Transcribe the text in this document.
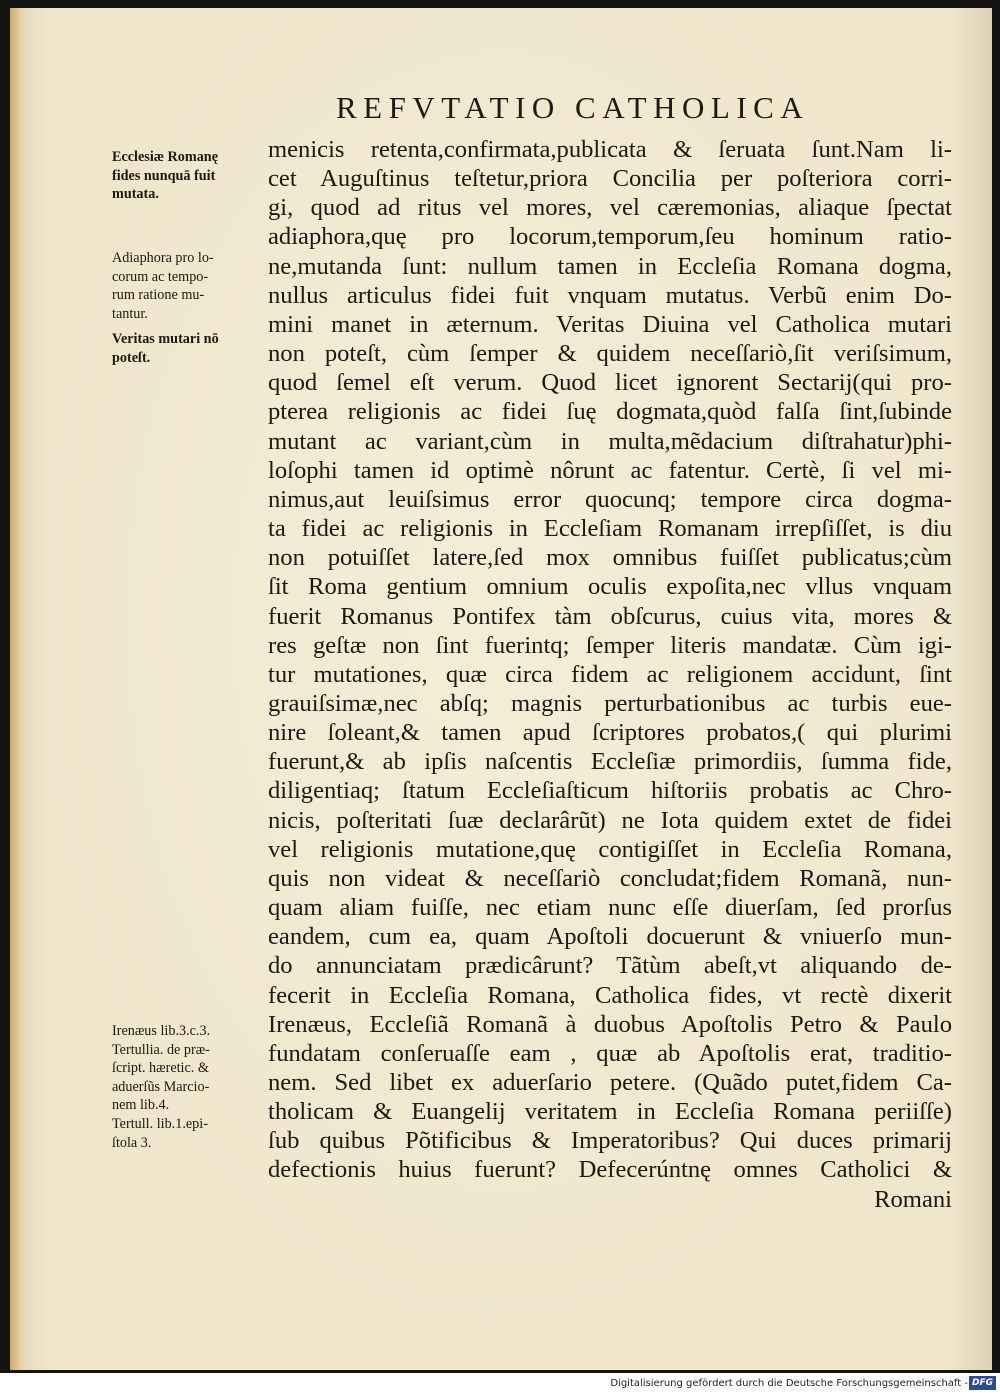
REFVTATIO CATHOLICA
Ecclesiæ Romanę
fides nunquā fuit
mutata.
Adiaphora pro lo-
corum ac tempo-
rum ratione mu-
tantur.
Veritas mutari nō
poteſt.
Irenæus lib.3.c.3.
Tertullia. de præ-
ſcript. hæretic. &
aduerſũs Marcio-
nem lib.4.
Tertull. lib.1.epi-
ſtola 3.
menicis retenta,confirmata,publicata & ſeruata ſunt.Nam li-
cet Auguſtinus teſtetur,priora Concilia per poſteriora corri-
gi, quod ad ritus vel mores, vel cæremonias, aliaque ſpectat
adiaphora,quę pro locorum,temporum,ſeu hominum ratio-
ne,mutanda ſunt: nullum tamen in Eccleſia Romana dogma,
nullus articulus fidei fuit vnquam mutatus. Verbũ enim Do-
mini manet in æternum. Veritas Diuina vel Catholica mutari
non poteſt, cùm ſemper & quidem neceſſariò,ſit veriſsimum,
quod ſemel eſt verum. Quod licet ignorent Sectarij(qui pro-
pterea religionis ac fidei ſuę dogmata,quòd falſa ſint,ſubinde
mutant ac variant,cùm in multa,mẽdacium diſtrahatur)phi-
loſophi tamen id optimè nôrunt ac fatentur. Certè, ſi vel mi-
nimus,aut leuiſsimus error quocunq; tempore circa dogma-
ta fidei ac religionis in Eccleſiam Romanam irrepſiſſet, is diu
non potuiſſet latere,ſed mox omnibus fuiſſet publicatus;cùm
ſit Roma gentium omnium oculis expoſita,nec vllus vnquam
fuerit Romanus Pontifex tàm obſcurus, cuius vita, mores &
res geſtæ non ſint fuerintq; ſemper literis mandatæ. Cùm igi-
tur mutationes, quæ circa fidem ac religionem accidunt, ſint
grauiſsimæ,nec abſq; magnis perturbationibus ac turbis eue-
nire ſoleant,& tamen apud ſcriptores probatos,( qui plurimi
fuerunt,& ab ipſis naſcentis Eccleſiæ primordiis, ſumma fide,
diligentiaq; ſtatum Eccleſiaſticum hiſtoriis probatis ac Chro-
nicis, poſteritati ſuæ declarârũt) ne Iota quidem extet de fidei
vel religionis mutatione,quę contigiſſet in Eccleſia Romana,
quis non videat & neceſſariò concludat;fidem Romanã, nun-
quam aliam fuiſſe, nec etiam nunc eſſe diuerſam, ſed prorſus
eandem, cum ea, quam Apoſtoli docuerunt & vniuerſo mun-
do annunciatam prædicârunt? Tãtùm abeſt,vt aliquando de-
fecerit in Eccleſia Romana, Catholica fides, vt rectè dixerit
Irenæus, Eccleſiã Romanã à duobus Apoſtolis Petro & Paulo
fundatam conſeruaſſe eam , quæ ab Apoſtolis erat, traditio-
nem. Sed libet ex aduerſario petere. (Quãdo putet,fidem Ca-
tholicam & Euangelij veritatem in Eccleſia Romana periiſſe)
ſub quibus Põtificibus & Imperatoribus? Qui duces primarij
defectionis huius fuerunt? Defecerúntnę omnes Catholici &
Romani
Digitalisierung gefördert durch die Deutsche Forschungsgemeinschaft - DFG
